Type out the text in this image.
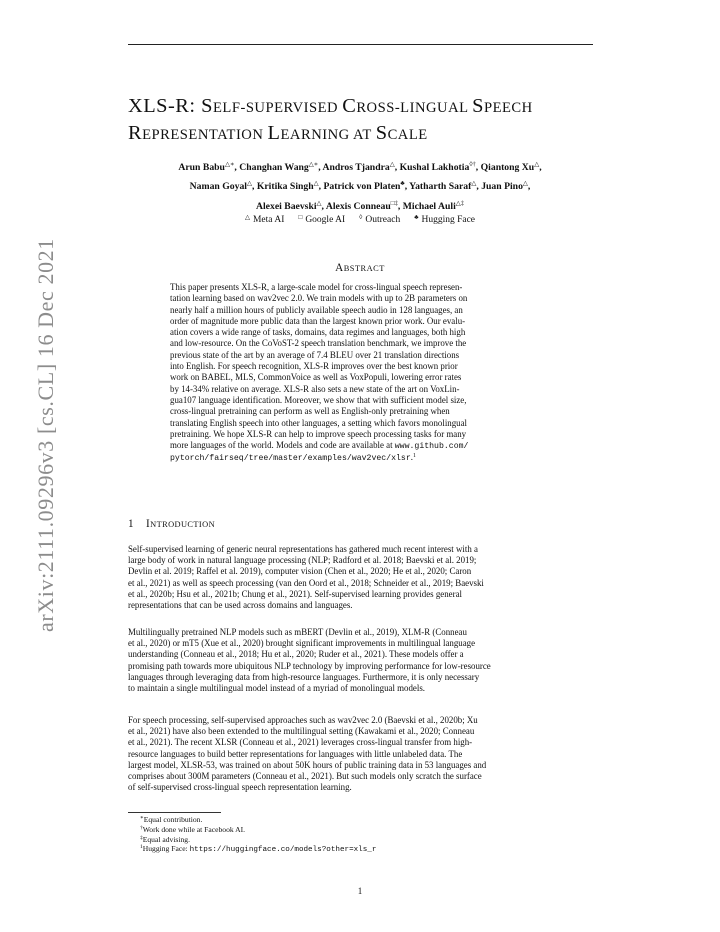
arXiv:2111.09296v3 [cs.CL] 16 Dec 2021
XLS-R: SELF-SUPERVISED CROSS-LINGUAL SPEECH
REPRESENTATION LEARNING AT SCALE
Arun Babu△∗, Changhan Wang△∗, Andros Tjandra△, Kushal Lakhotia◊†, Qiantong Xu△,
Naman Goyal△, Kritika Singh△, Patrick von Platen♣, Yatharth Saraf△, Juan Pino△,
Alexei Baevski△, Alexis Conneau□‡, Michael Auli△‡
△ Meta AI □ Google AI ◊ Outreach ♣ Hugging Face
ABSTRACT
This paper presents XLS-R, a large-scale model for cross-lingual speech represen-
tation learning based on wav2vec 2.0. We train models with up to 2B parameters on
nearly half a million hours of publicly available speech audio in 128 languages, an
order of magnitude more public data than the largest known prior work. Our evalu-
ation covers a wide range of tasks, domains, data regimes and languages, both high
and low-resource. On the CoVoST-2 speech translation benchmark, we improve the
previous state of the art by an average of 7.4 BLEU over 21 translation directions
into English. For speech recognition, XLS-R improves over the best known prior
work on BABEL, MLS, CommonVoice as well as VoxPopuli, lowering error rates
by 14-34% relative on average. XLS-R also sets a new state of the art on VoxLin-
gua107 language identification. Moreover, we show that with sufficient model size,
cross-lingual pretraining can perform as well as English-only pretraining when
translating English speech into other languages, a setting which favors monolingual
pretraining. We hope XLS-R can help to improve speech processing tasks for many
more languages of the world. Models and code are available at www.github.com/
pytorch/fairseq/tree/master/examples/wav2vec/xlsr.$^1$
1 INTRODUCTION
Self-supervised learning of generic neural representations has gathered much recent interest with a
large body of work in natural language processing (NLP; Radford et al. 2018; Baevski et al. 2019;
Devlin et al. 2019; Raffel et al. 2019), computer vision (Chen et al., 2020; He et al., 2020; Caron
et al., 2021) as well as speech processing (van den Oord et al., 2018; Schneider et al., 2019; Baevski
et al., 2020b; Hsu et al., 2021b; Chung et al., 2021). Self-supervised learning provides general
representations that can be used across domains and languages.
Multilingually pretrained NLP models such as mBERT (Devlin et al., 2019), XLM-R (Conneau
et al., 2020) or mT5 (Xue et al., 2020) brought significant improvements in multilingual language
understanding (Conneau et al., 2018; Hu et al., 2020; Ruder et al., 2021). These models offer a
promising path towards more ubiquitous NLP technology by improving performance for low-resource
languages through leveraging data from high-resource languages. Furthermore, it is only necessary
to maintain a single multilingual model instead of a myriad of monolingual models.
For speech processing, self-supervised approaches such as wav2vec 2.0 (Baevski et al., 2020b; Xu
et al., 2021) have also been extended to the multilingual setting (Kawakami et al., 2020; Conneau
et al., 2021). The recent XLSR (Conneau et al., 2021) leverages cross-lingual transfer from high-
resource languages to build better representations for languages with little unlabeled data. The
largest model, XLSR-53, was trained on about 50K hours of public training data in 53 languages and
comprises about 300M parameters (Conneau et al., 2021). But such models only scratch the surface
of self-supervised cross-lingual speech representation learning.
∗Equal contribution.
†Work done while at Facebook AI.
‡Equal advising.
$^1$Hugging Face: https://huggingface.co/models?other=xls_r
1
